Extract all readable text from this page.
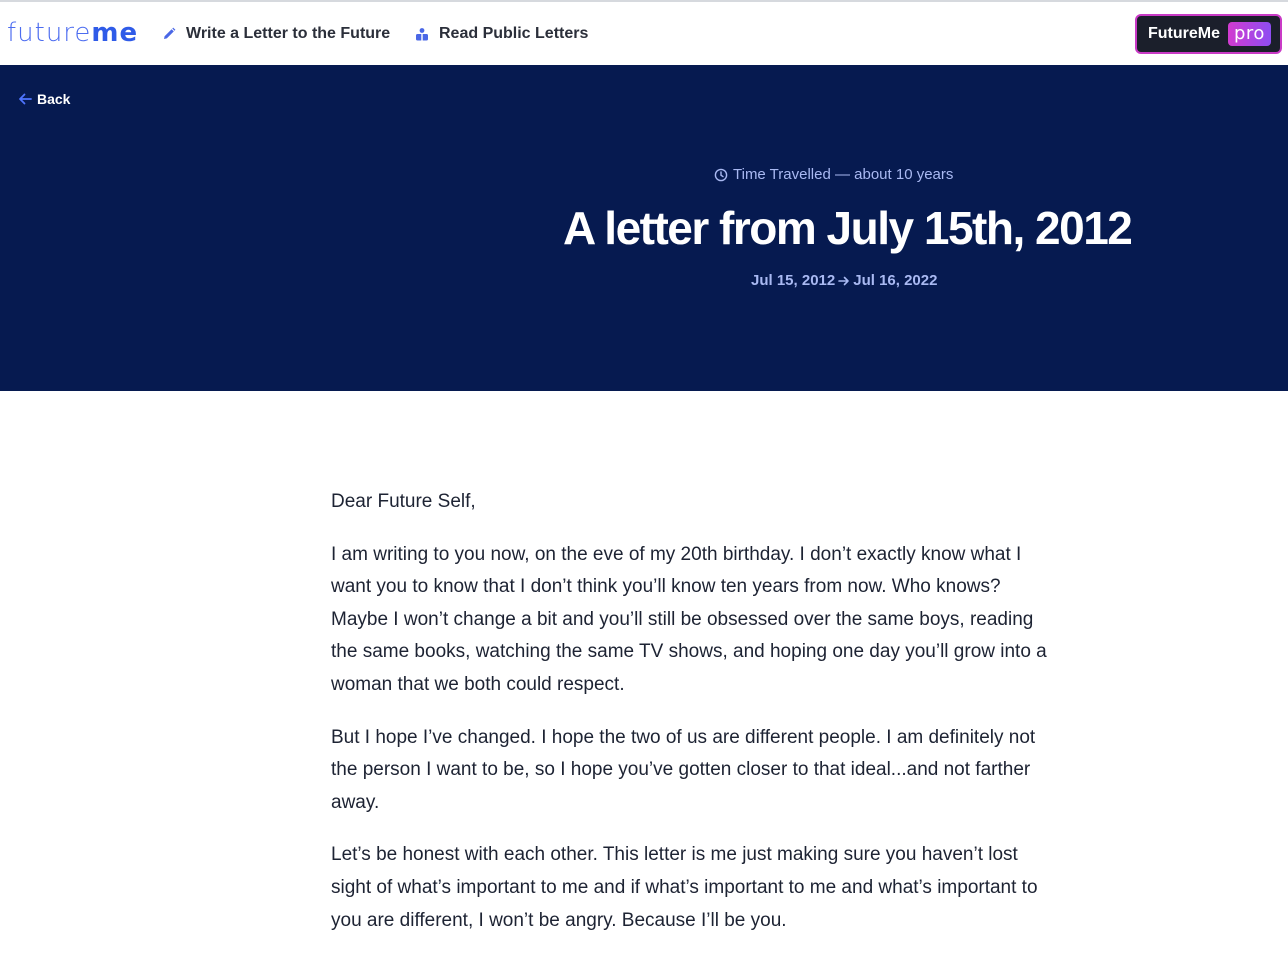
futureme	Write a Letter to the Future	Read Public Letters	FutureMe pro
Back
Time Travelled — about 10 years
A letter from July 15th, 2012
Jul 15, 2012 Jul 16, 2022

Dear Future Self,

I am writing to you now, on the eve of my 20th birthday. I don’t exactly know what I want you to know that I don’t think you’ll know ten years from now. Who knows? Maybe I won’t change a bit and you’ll still be obsessed over the same boys, reading the same books, watching the same TV shows, and hoping one day you’ll grow into a woman that we both could respect.

But I hope I’ve changed. I hope the two of us are different people. I am definitely not the person I want to be, so I hope you’ve gotten closer to that ideal...and not farther away.

Let’s be honest with each other. This letter is me just making sure you haven’t lost sight of what’s important to me and if what’s important to me and what’s important to you are different, I won’t be angry. Because I’ll be you.
